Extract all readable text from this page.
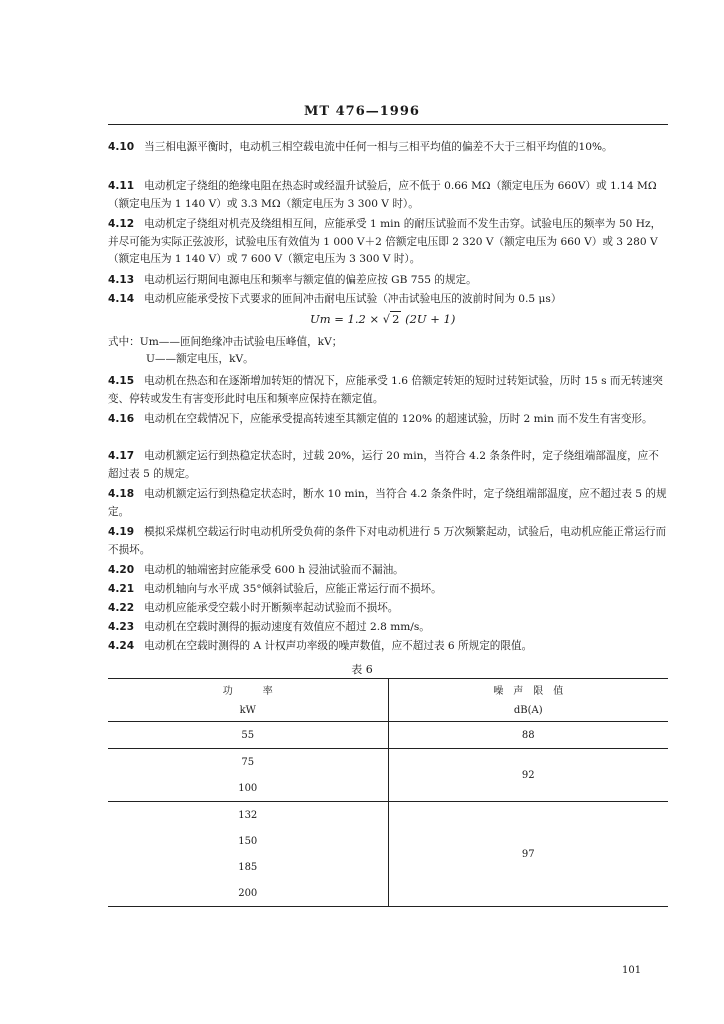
MT 476—1996
4.10 当三相电源平衡时，电动机三相空载电流中任何一相与三相平均值的偏差不大于三相平均值的10%。
4.11 电动机定子绕组的绝缘电阻在热态时或经温升试验后，应不低于 0.66 MΩ（额定电压为 660V）或 1.14 MΩ（额定电压为 1 140 V）或 3.3 MΩ（额定电压为 3 300 V 时）。
4.12 电动机定子绕组对机壳及绕组相互间，应能承受 1 min 的耐压试验而不发生击穿。试验电压的频率为 50 Hz，并尽可能为实际正弦波形，试验电压有效值为 1 000 V＋2 倍额定电压即 2 320 V（额定电压为 660 V）或 3 280 V（额定电压为 1 140 V）或 7 600 V（额定电压为 3 300 V 时）。
4.13 电动机运行期间电源电压和频率与额定值的偏差应按 GB 755 的规定。
4.14 电动机应能承受按下式要求的匝间冲击耐电压试验（冲击试验电压的波前时间为 0.5 μs）
Um = 1.2 × √ 2 (2U + 1)
式中：Um——匝间绝缘冲击试验电压峰值，kV；
U——额定电压，kV。
4.15 电动机在热态和在逐渐增加转矩的情况下，应能承受 1.6 倍额定转矩的短时过转矩试验，历时 15 s 而无转速突变、停转或发生有害变形此时电压和频率应保持在额定值。
4.16 电动机在空载情况下，应能承受提高转速至其额定值的 120% 的超速试验，历时 2 min 而不发生有害变形。
4.17 电动机额定运行到热稳定状态时，过载 20%，运行 20 min，当符合 4.2 条条件时，定子绕组端部温度，应不超过表 5 的规定。
4.18 电动机额定运行到热稳定状态时，断水 10 min，当符合 4.2 条条件时，定子绕组端部温度，应不超过表 5 的规定。
4.19 模拟采煤机空载运行时电动机所受负荷的条件下对电动机进行 5 万次频繁起动，试验后，电动机应能正常运行而不损坏。
4.20 电动机的轴端密封应能承受 600 h 浸油试验而不漏油。
4.21 电动机轴向与水平成 35°倾斜试验后，应能正常运行而不损坏。
4.22 电动机应能承受空载小时开断频率起动试验而不损坏。
4.23 电动机在空载时测得的振动速度有效值应不超过 2.8 mm/s。
4.24 电动机在空载时测得的 A 计权声功率级的噪声数值，应不超过表 6 所规定的限值。
表 6
功　　　率	噪　声　限　值
kW	dB(A)
55	88
75	92
100	
132	97
150	
185	
200	
101
